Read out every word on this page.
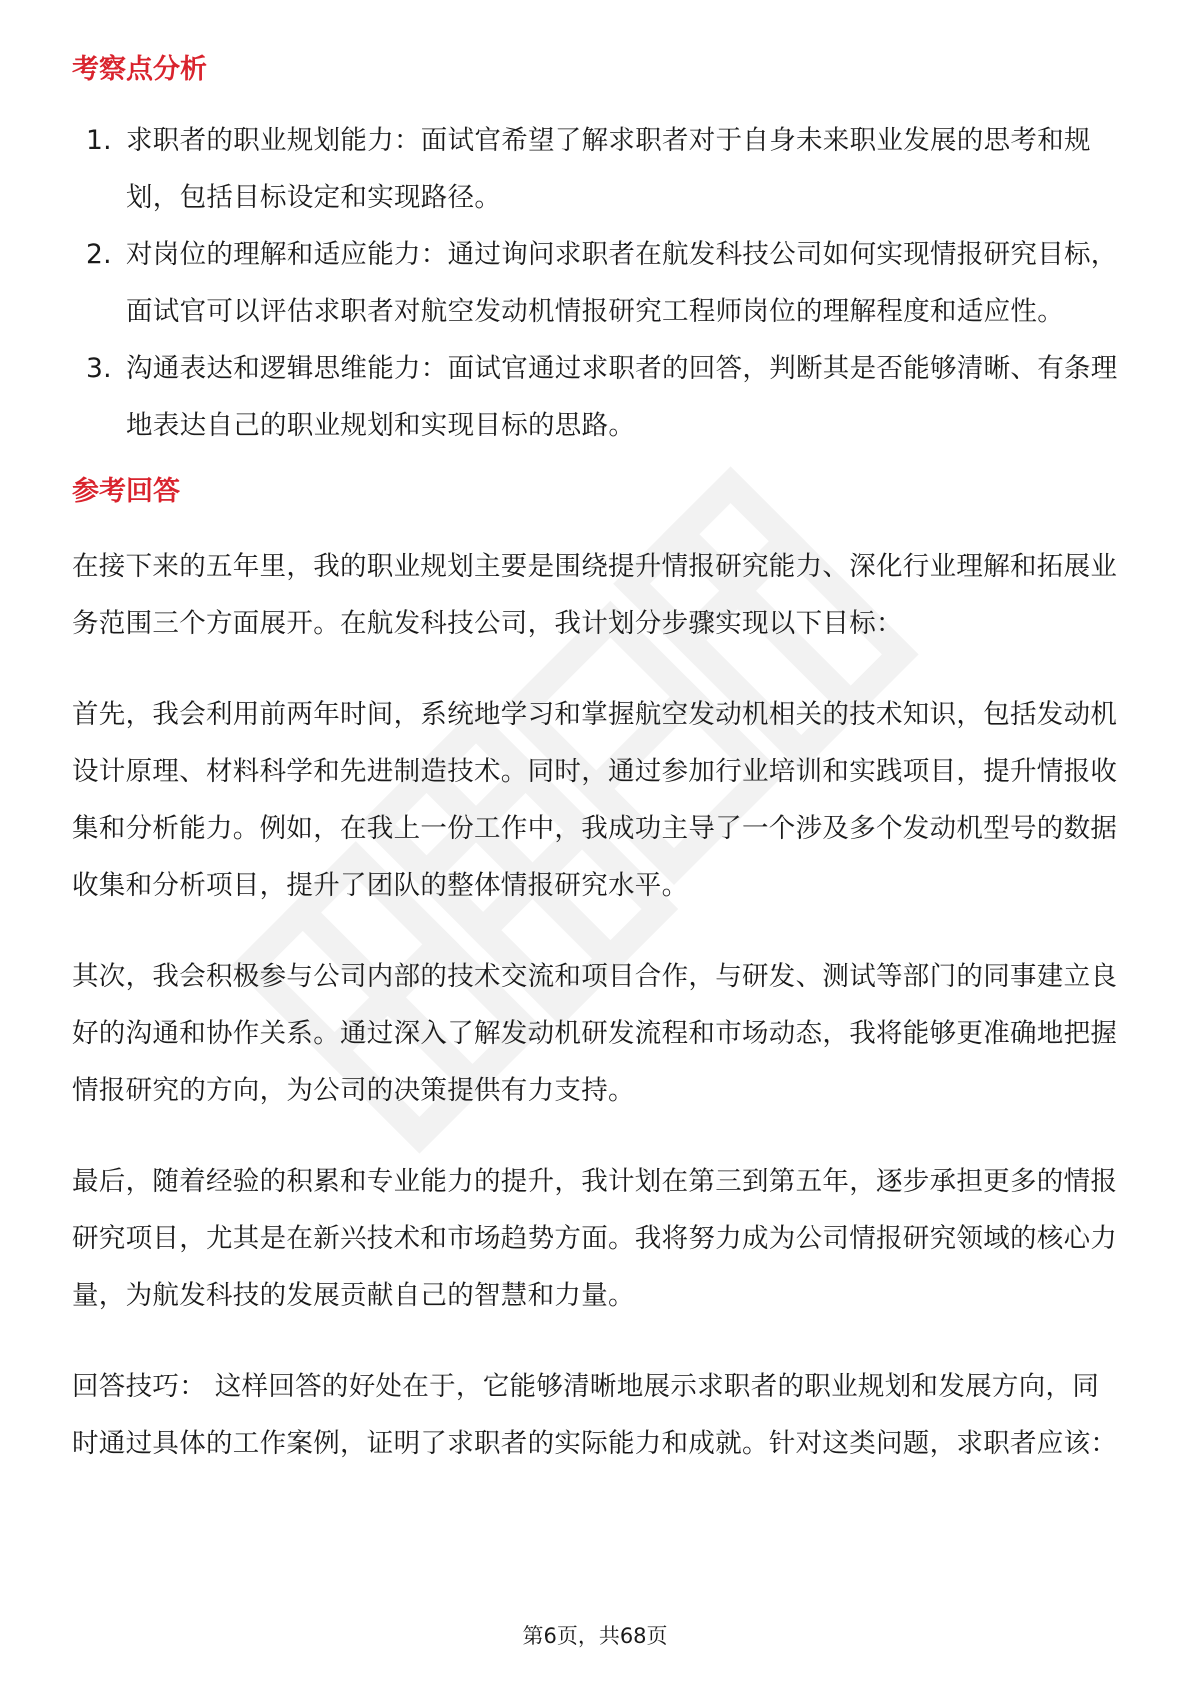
考察点分析
1. 求职者的职业规划能力：面试官希望了解求职者对于自身未来职业发展的思考和规划，包括目标设定和实现路径。
2. 对岗位的理解和适应能力：通过询问求职者在航发科技公司如何实现情报研究目标，面试官可以评估求职者对航空发动机情报研究工程师岗位的理解程度和适应性。
3. 沟通表达和逻辑思维能力：面试官通过求职者的回答，判断其是否能够清晰、有条理地表达自己的职业规划和实现目标的思路。
参考回答

在接下来的五年里，我的职业规划主要是围绕提升情报研究能力、深化行业理解和拓展业务范围三个方面展开。在航发科技公司，我计划分步骤实现以下目标：

首先，我会利用前两年时间，系统地学习和掌握航空发动机相关的技术知识，包括发动机设计原理、材料科学和先进制造技术。同时，通过参加行业培训和实践项目，提升情报收集和分析能力。例如，在我上一份工作中，我成功主导了一个涉及多个发动机型号的数据收集和分析项目，提升了团队的整体情报研究水平。

其次，我会积极参与公司内部的技术交流和项目合作，与研发、测试等部门的同事建立良好的沟通和协作关系。通过深入了解发动机研发流程和市场动态，我将能够更准确地把握情报研究的方向，为公司的决策提供有力支持。

最后，随着经验的积累和专业能力的提升，我计划在第三到第五年，逐步承担更多的情报研究项目，尤其是在新兴技术和市场趋势方面。我将努力成为公司情报研究领域的核心力量，为航发科技的发展贡献自己的智慧和力量。

回答技巧： 这样回答的好处在于，它能够清晰地展示求职者的职业规划和发展方向，同时通过具体的工作案例，证明了求职者的实际能力和成就。针对这类问题，求职者应该：

第6页，共68页
